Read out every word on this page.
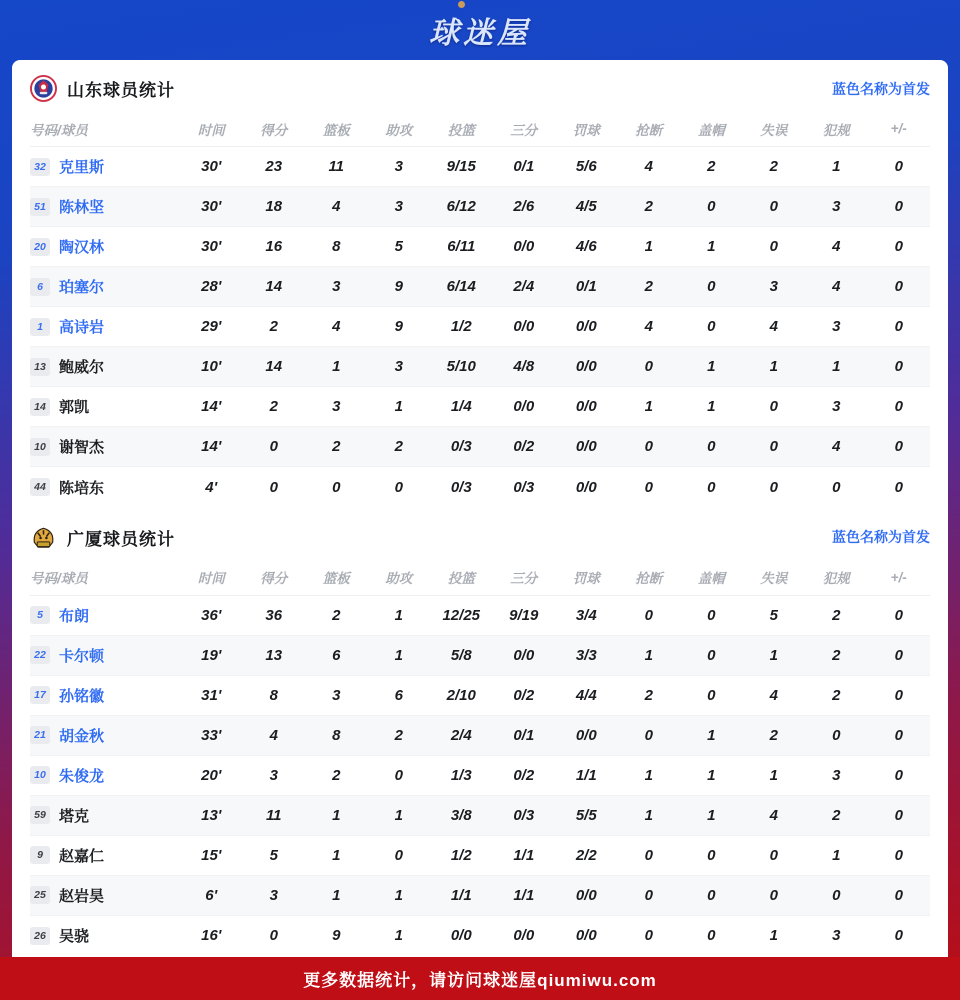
球迷屋
山东球员统计	蓝色名称为首发
号码/球员	时间	得分	篮板	助攻	投篮	三分	罚球	抢断	盖帽	失误	犯规	+/-
32 克里斯	30'	23	11	3	9/15	0/1	5/6	4	2	2	1	0
51 陈林坚	30'	18	4	3	6/12	2/6	4/5	2	0	0	3	0
20 陶汉林	30'	16	8	5	6/11	0/0	4/6	1	1	0	4	0
6	珀塞尔	28'	14	3	9	6/14	2/4	0/1	2	0	3	4	0
1	高诗岩	29'	2	4	9	1/2	0/0	0/0	4	0	4	3	0
13 鲍威尔	10'	14	1	3	5/10	4/8	0/0	0	1	1	1	0
14 郭凯	14'	2	3	1	1/4	0/0	0/0	1	1	0	3	0
10 谢智杰	14'	0	2	2	0/3	0/2	0/0	0	0	0	4	0
44 陈培东	4'	0	0	0	0/3	0/3	0/0	0	0	0	0	0
广厦球员统计	蓝色名称为首发
号码/球员	时间	得分	篮板	助攻	投篮	三分	罚球	抢断	盖帽	失误	犯规	+/-
5	布朗	36'	36	2	1	12/25	9/19	3/4	0	0	5	2	0
22 卡尔顿	19'	13	6	1	5/8	0/0	3/3	1	0	1	2	0
17 孙铭徽	31'	8	3	6	2/10	0/2	4/4	2	0	4	2	0
21 胡金秋	33'	4	8	2	2/4	0/1	0/0	0	1	2	0	0
10 朱俊龙	20'	3	2	0	1/3	0/2	1/1	1	1	1	3	0
59 塔克	13'	11	1	1	3/8	0/3	5/5	1	1	4	2	0
9	赵嘉仁	15'	5	1	0	1/2	1/1	2/2	0	0	0	1	0
25 赵岩昊	6'	3	1	1	1/1	1/1	0/0	0	0	0	0	0
26 吴骁	16'	0	9	1	0/0	0/0	0/0	0	0	1	3	0
更多数据统计，请访问球迷屋qiumiwu.com
